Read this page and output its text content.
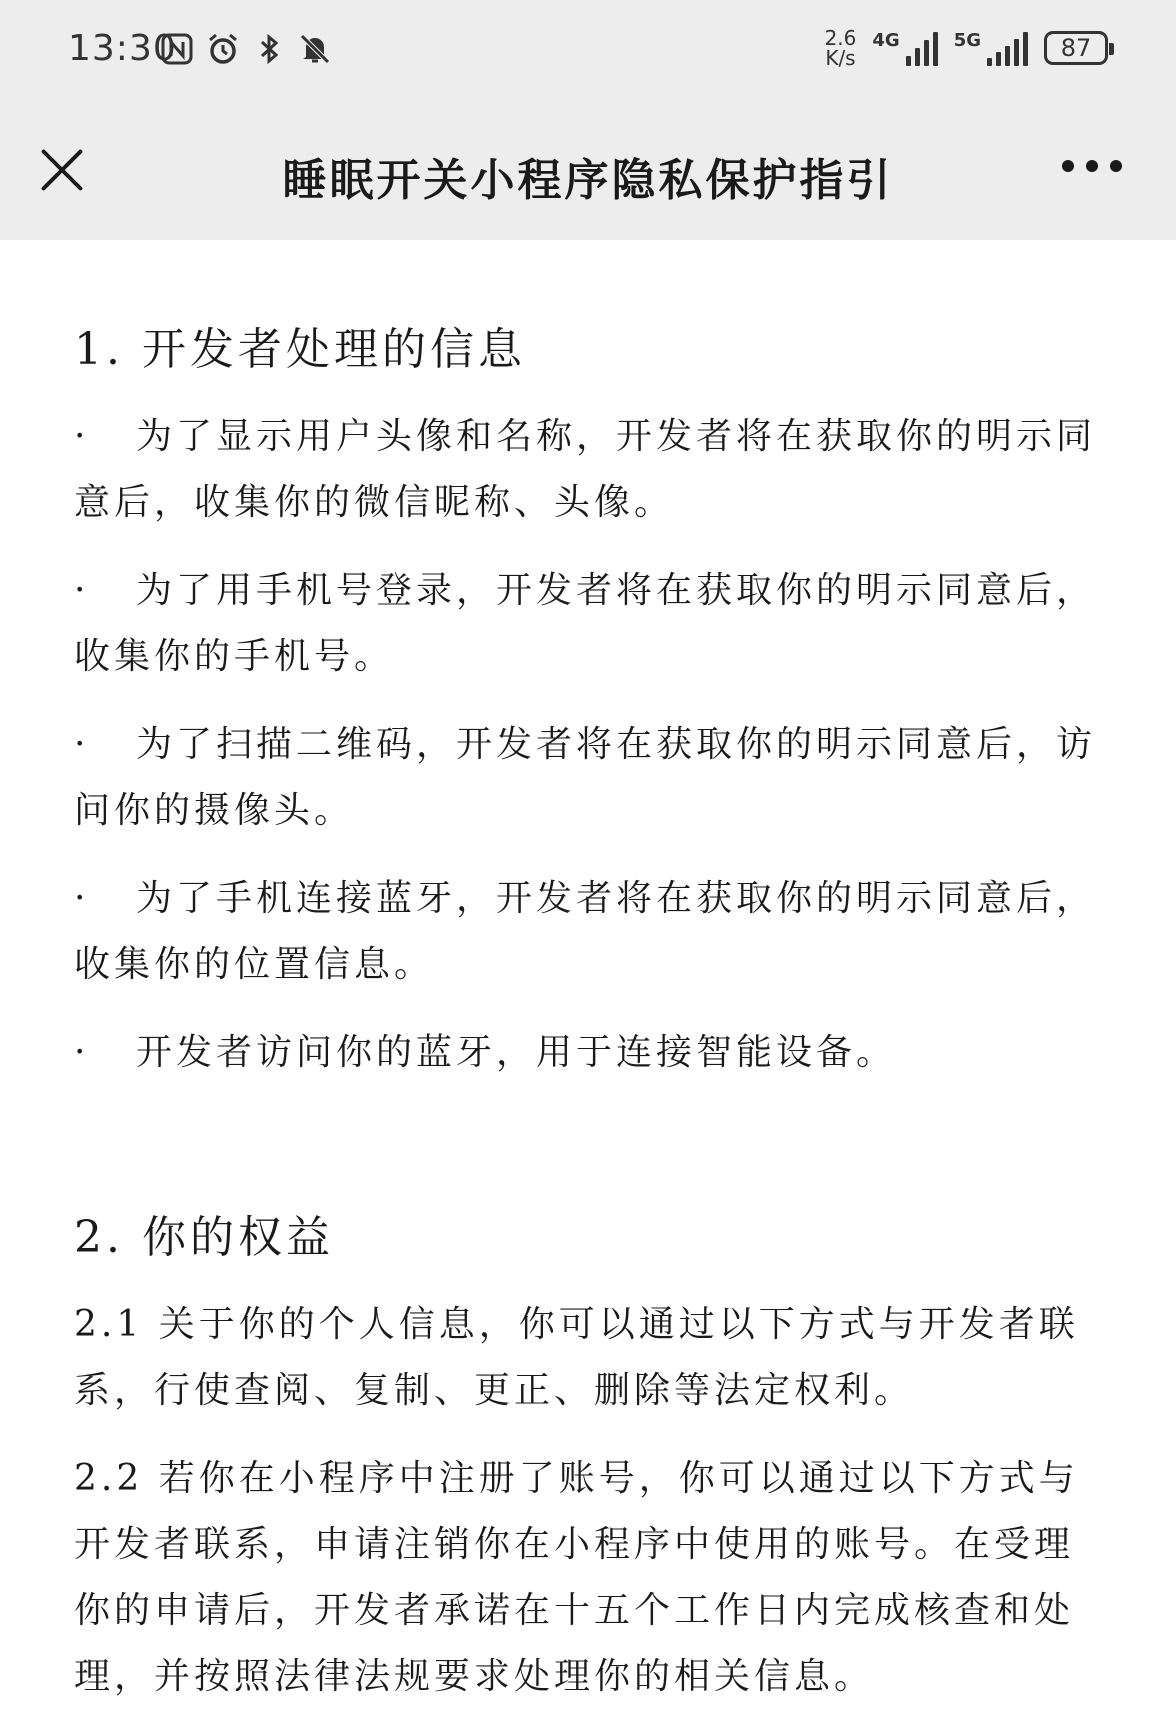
13:30	2.6
K/s
4G	5G	87
睡眠开关小程序隐私保护指引
1. 开发者处理的信息
· 为了显示用户头像和名称，开发者将在获取你的明示同意后，收集你的微信昵称、头像。
· 为了用手机号登录，开发者将在获取你的明示同意后，收集你的手机号。
· 为了扫描二维码，开发者将在获取你的明示同意后，访问你的摄像头。
· 为了手机连接蓝牙，开发者将在获取你的明示同意后，收集你的位置信息。
· 开发者访问你的蓝牙，用于连接智能设备。
2. 你的权益
2.1 关于你的个人信息，你可以通过以下方式与开发者联系，行使查阅、复制、更正、删除等法定权利。
2.2 若你在小程序中注册了账号，你可以通过以下方式与开发者联系，申请注销你在小程序中使用的账号。在受理你的申请后，开发者承诺在十五个工作日内完成核查和处理，并按照法律法规要求处理你的相关信息。
